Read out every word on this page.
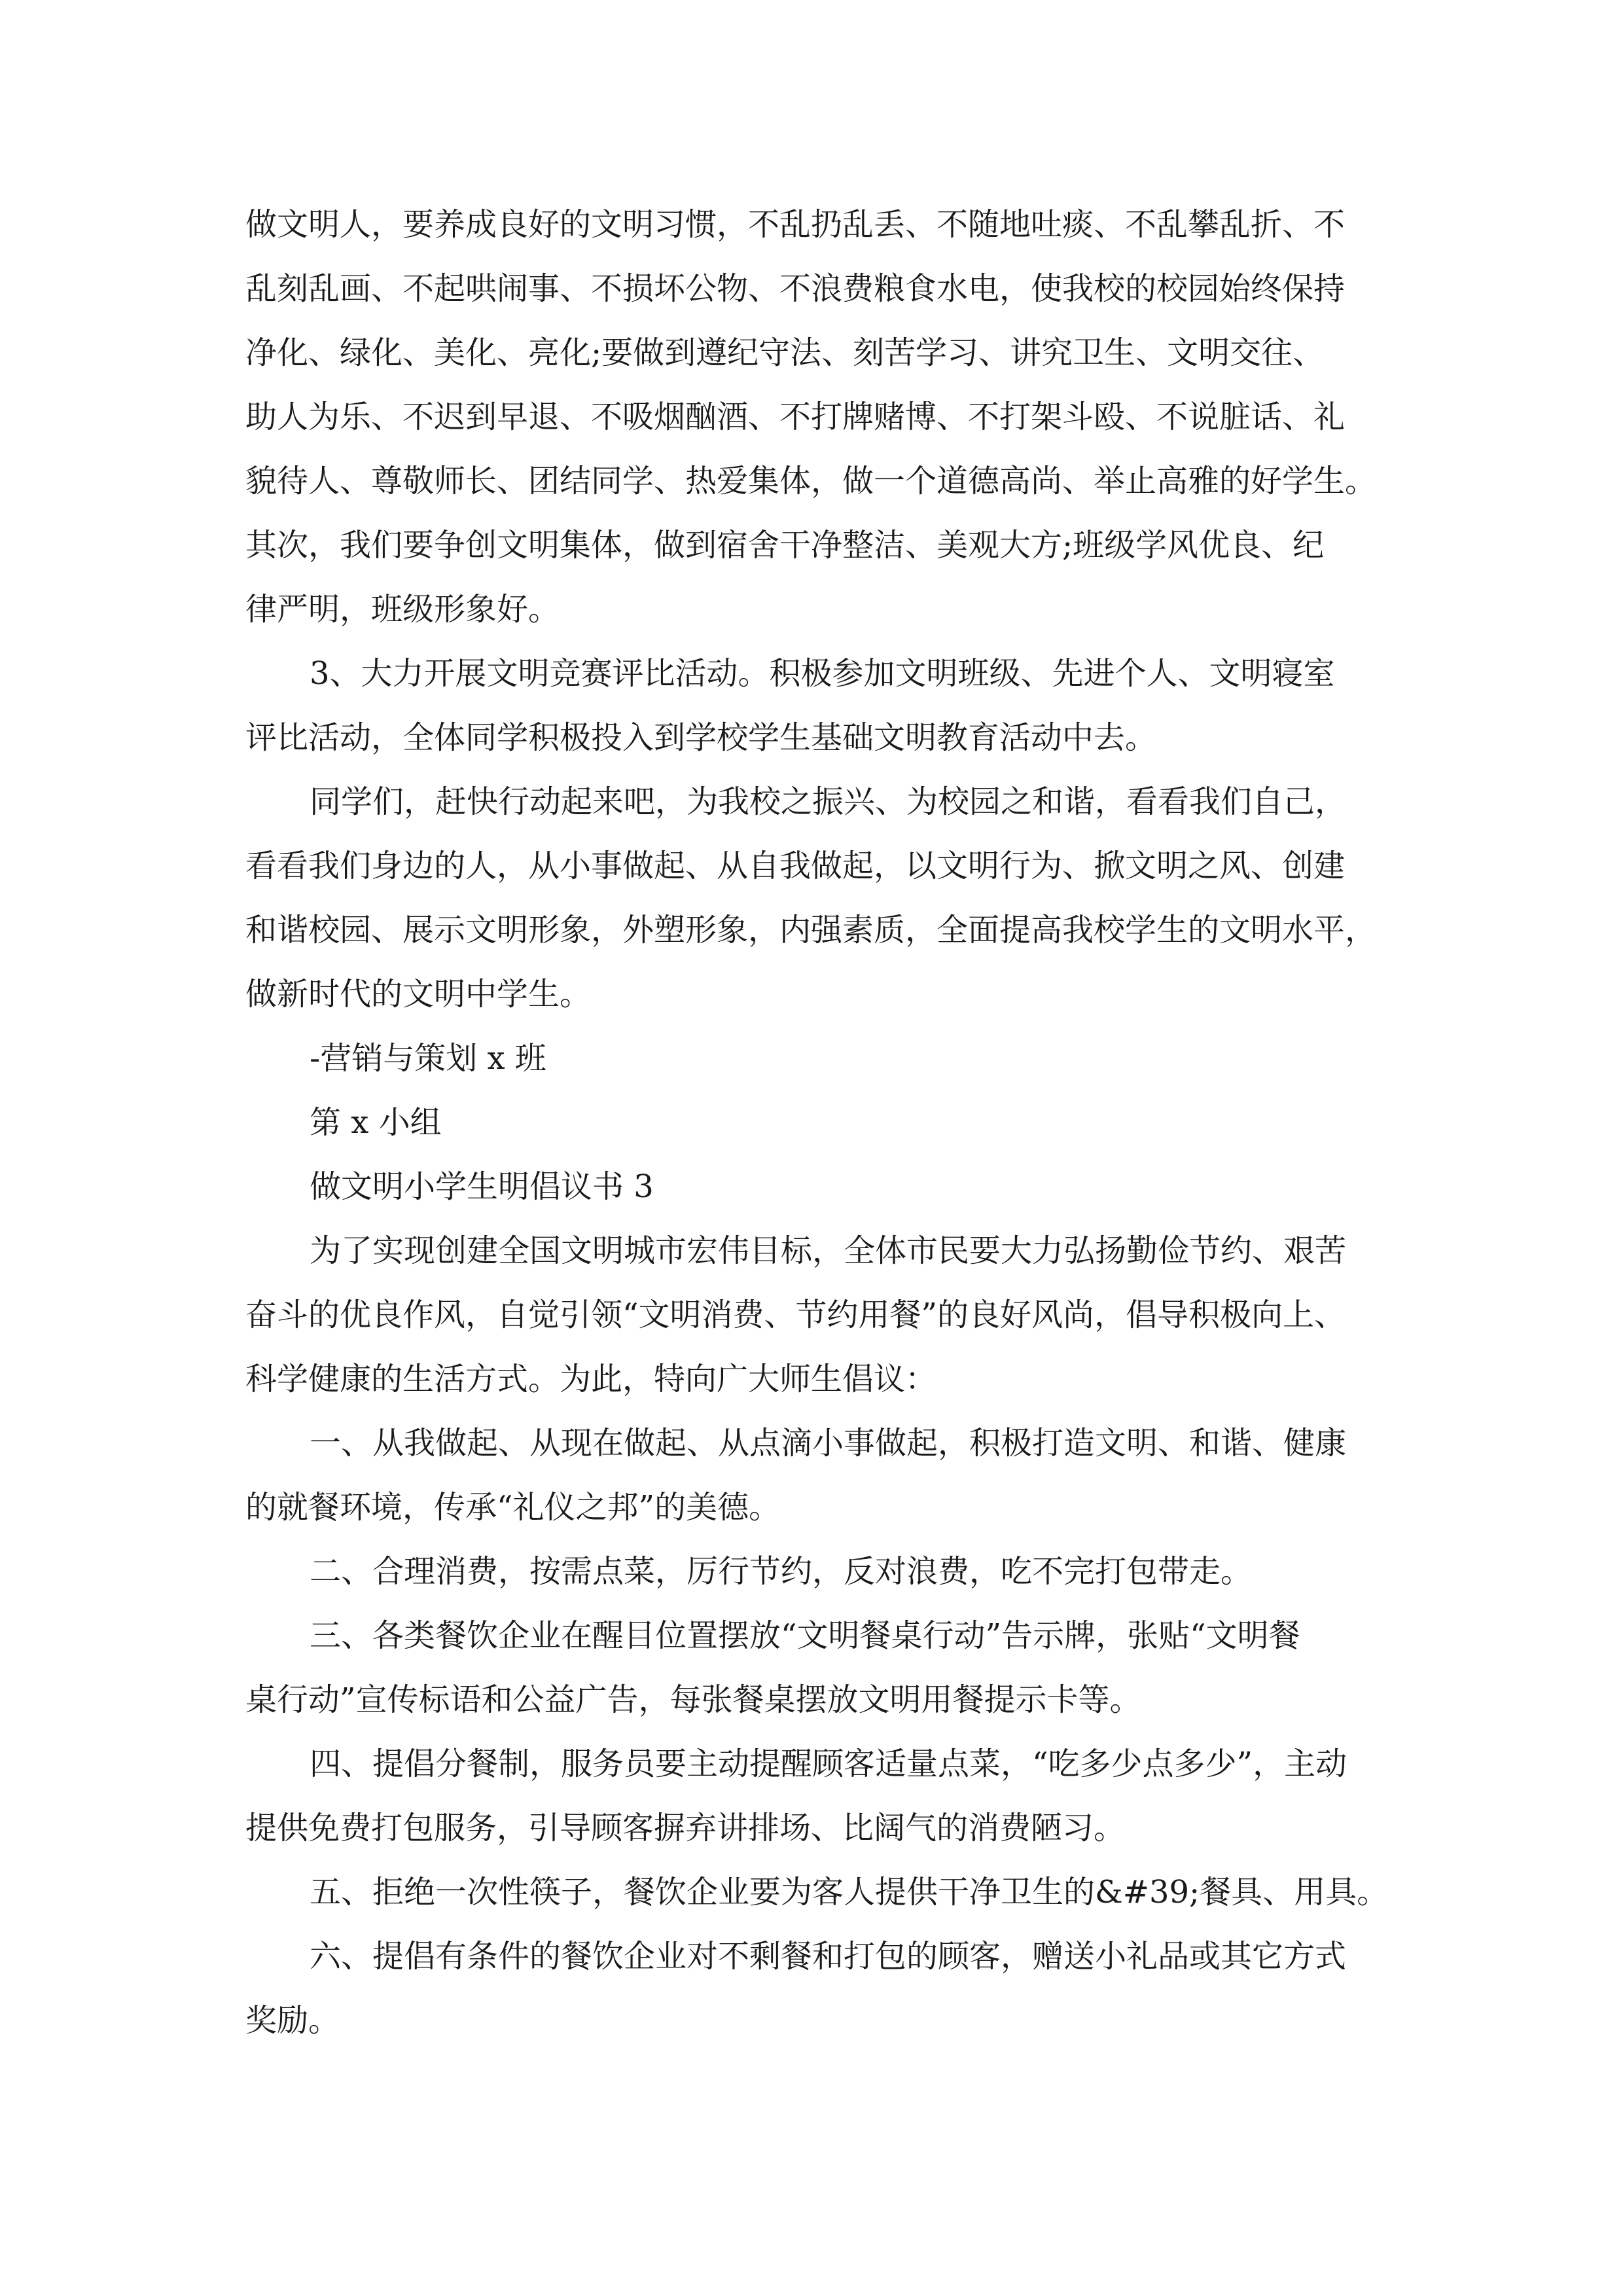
做文明人，要养成良好的文明习惯，不乱扔乱丢、不随地吐痰、不乱攀乱折、不
乱刻乱画、不起哄闹事、不损坏公物、不浪费粮食水电，使我校的校园始终保持
净化、绿化、美化、亮化;要做到遵纪守法、刻苦学习、讲究卫生、文明交往、
助人为乐、不迟到早退、不吸烟酗酒、不打牌赌博、不打架斗殴、不说脏话、礼
貌待人、尊敬师长、团结同学、热爱集体，做一个道德高尚、举止高雅的好学生。
其次，我们要争创文明集体，做到宿舍干净整洁、美观大方;班级学风优良、纪
律严明，班级形象好。
3、大力开展文明竞赛评比活动。积极参加文明班级、先进个人、文明寝室
评比活动，全体同学积极投入到学校学生基础文明教育活动中去。
同学们，赶快行动起来吧，为我校之振兴、为校园之和谐，看看我们自己，
看看我们身边的人，从小事做起、从自我做起，以文明行为、掀文明之风、创建
和谐校园、展示文明形象，外塑形象，内强素质，全面提高我校学生的文明水平，
做新时代的文明中学生。
-营销与策划 x 班
第 x 小组
做文明小学生明倡议书 3
为了实现创建全国文明城市宏伟目标，全体市民要大力弘扬勤俭节约、艰苦
奋斗的优良作风，自觉引领“文明消费、节约用餐”的良好风尚，倡导积极向上、
科学健康的生活方式。为此，特向广大师生倡议：
一、从我做起、从现在做起、从点滴小事做起，积极打造文明、和谐、健康
的就餐环境，传承“礼仪之邦”的美德。
二、合理消费，按需点菜，厉行节约，反对浪费，吃不完打包带走。
三、各类餐饮企业在醒目位置摆放“文明餐桌行动”告示牌，张贴“文明餐
桌行动”宣传标语和公益广告，每张餐桌摆放文明用餐提示卡等。
四、提倡分餐制，服务员要主动提醒顾客适量点菜，“吃多少点多少”，主动
提供免费打包服务，引导顾客摒弃讲排场、比阔气的消费陋习。
五、拒绝一次性筷子，餐饮企业要为客人提供干净卫生的&#39;餐具、用具。
六、提倡有条件的餐饮企业对不剩餐和打包的顾客，赠送小礼品或其它方式
奖励。
